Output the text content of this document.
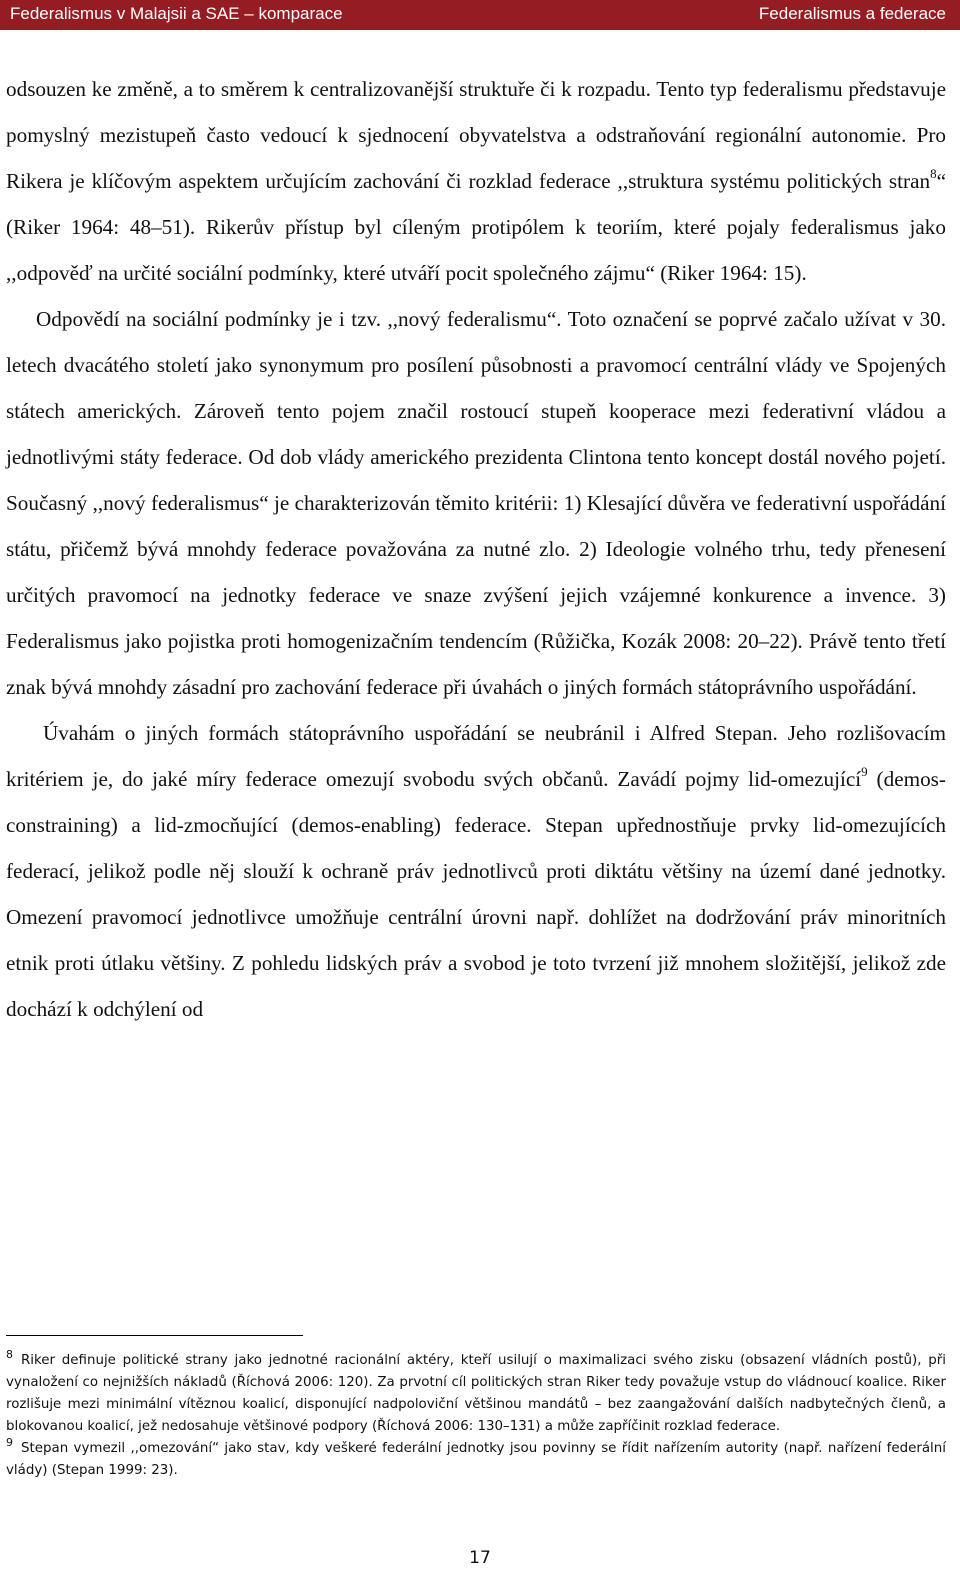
Federalismus v Malajsii a SAE – komparace	Federalismus a federace

odsouzen ke změně, a to směrem k centralizovanější struktuře či k rozpadu. Tento typ federalismu představuje pomyslný mezistupeň často vedoucí k sjednocení obyvatelstva a odstraňování regionální autonomie. Pro Rikera je klíčovým aspektem určujícím zachování či rozklad federace ,,struktura systému politických stran$^8$“ (Riker 1964: 48–51). Rikerův přístup byl cíleným protipólem k teoriím, které pojaly federalismus jako ,,odpověď na určité sociální podmínky, které utváří pocit společného zájmu“ (Riker 1964: 15).

Odpovědí na sociální podmínky je i tzv. ,,nový federalismu“. Toto označení se poprvé začalo užívat v 30. letech dvacátého století jako synonymum pro posílení působnosti a pravomocí centrální vlády ve Spojených státech amerických. Zároveň tento pojem značil rostoucí stupeň kooperace mezi federativní vládou a jednotlivými státy federace. Od dob vlády amerického prezidenta Clintona tento koncept dostál nového pojetí. Současný ,,nový federalismus“ je charakterizován těmito kritérii: 1) Klesající důvěra ve federativní uspořádání státu, přičemž bývá mnohdy federace považována za nutné zlo. 2) Ideologie volného trhu, tedy přenesení určitých pravomocí na jednotky federace ve snaze zvýšení jejich vzájemné konkurence a invence. 3) Federalismus jako pojistka proti homogenizačním tendencím (Růžička, Kozák 2008: 20–22). Právě tento třetí znak bývá mnohdy zásadní pro zachování federace při úvahách o jiných formách státoprávního uspořádání.

Úvahám o jiných formách státoprávního uspořádání se neubránil i Alfred Stepan. Jeho rozlišovacím kritériem je, do jaké míry federace omezují svobodu svých občanů. Zavádí pojmy lid-omezující$^9$ (demos-constraining) a lid-zmocňující (demos-enabling) federace. Stepan upřednostňuje prvky lid-omezujících federací, jelikož podle něj slouží k ochraně práv jednotlivců proti diktátu většiny na území dané jednotky. Omezení pravomocí jednotlivce umožňuje centrální úrovni např. dohlížet na dodržování práv minoritních etnik proti útlaku většiny. Z pohledu lidských práv a svobod je toto tvrzení již mnohem složitější, jelikož zde dochází k odchýlení od

$^8$ Riker definuje politické strany jako jednotné racionální aktéry, kteří usilují o maximalizaci svého zisku (obsazení vládních postů), při vynaložení co nejnižších nákladů (Říchová 2006: 120). Za prvotní cíl politických stran Riker tedy považuje vstup do vládnoucí koalice. Riker rozlišuje mezi minimální vítěznou koalicí, disponující nadpoloviční většinou mandátů – bez zaangažování dalších nadbytečných členů, a blokovanou koalicí, jež nedosahuje většinové podpory (Říchová 2006: 130–131) a může zapříčinit rozklad federace.

$^9$ Stepan vymezil ,,omezování“ jako stav, kdy veškeré federální jednotky jsou povinny se řídit nařízením autority (např. nařízení federální vlády) (Stepan 1999: 23).

17
